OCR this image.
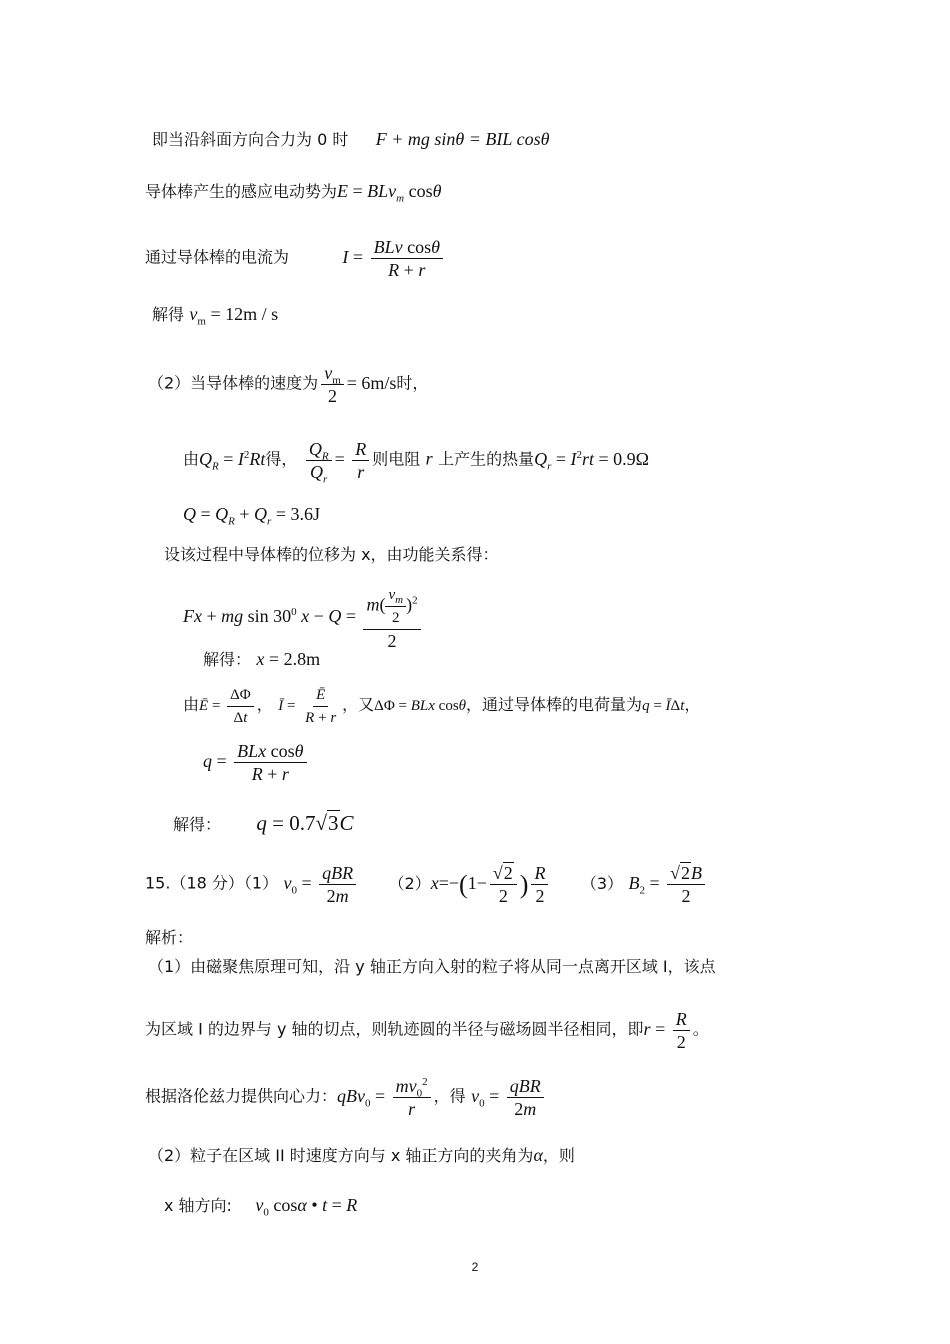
即当沿斜面方向合力为 0 时 F + mg sinθ = BIL cosθ
导体棒产生的感应电动势为E = BLv$_m$ cosθ
通过导体棒的电流为	$I = \frac{\text{BLv cosθ}}{R + r}$
解得 $v_m = 12m / s$
（2）当导体棒的速度为 $\frac{v_m}{2} = 6m/s$时，
由$Q_R = I^2Rt$得， $\frac{Q_R}{Q_r} = \frac{R}{r}$ 则电阻 r 上产生的热量$Q_r = I^2rt = 0.9\Omega$
$Q = Q_R + Q_r = 3.6J$
设该过程中导体棒的位移为 x，由功能关系得：
Fx + mg $\sin 30^0$ $x - Q = \frac{m( \frac{v_m}{2} )^2}{2}$
解得： x = 2.8m
由Ē = $\frac{\Delta\Phi}{\Delta t}$ ， Ī = $\frac{Ē}{R + r}$ ，又ΔΦ = BLx cosθ，通过导体棒的电荷量为q = ĪΔt，
$q = \frac{\text{BLx cosθ}}{R + r}$
解得： q = 0.7√3C
15.（18 分）（1） $v_0 = \frac{\text{qBR}}{2m} (2)x=-(1- \frac{√2}{2}$ ) $\frac{R}{2} (3) B_2 = \frac{√2B}{2}$
解析：
（1）由磁聚焦原理可知，沿 y 轴正方向入射的粒子将从同一点离开区域 I，该点
为区域 I 的边界与 y 轴的切点，则轨迹圆的半径与磁场圆半径相同，即$r = \frac{R}{2}$ 。
根据洛伦兹力提供向心力：$qBv_0 = \frac{mv_0^2}{r}$ ，得 $v_0 = \frac{\text{qBR}}{2m}$
（2）粒子在区域 II 时速度方向与 x 轴正方向的夹角为α，则
x 轴方向: $v_0$ cosα • t = R
2
